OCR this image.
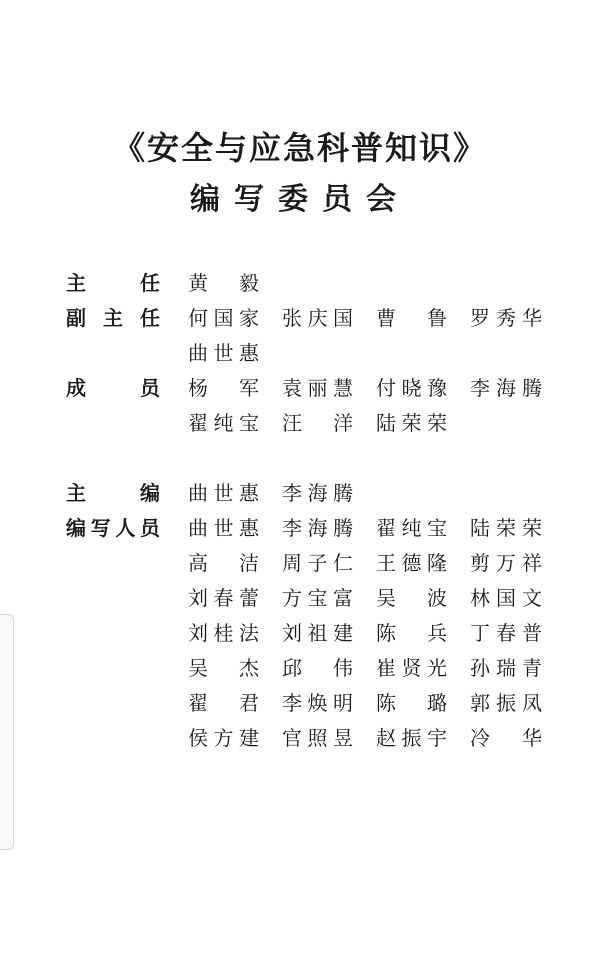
《安全与应急科普知识》
编写委员会
主任 黄毅
副主任 何国家	张庆国	曹鲁	罗秀华
曲世惠
成员 杨军	袁丽慧	付晓豫	李海腾
翟纯宝	汪洋	陆荣荣
主编 曲世惠	李海腾
编写人员 曲世惠	李海腾	翟纯宝	陆荣荣
高洁	周子仁	王德隆	剪万祥
刘春蕾	方宝富	吴波	林国文
刘桂法	刘祖建	陈兵	丁春普
吴杰	邱伟	崔贤光	孙瑞青
翟君	李焕明	陈璐	郭振凤
侯方建	官照昱	赵振宇	冷华
